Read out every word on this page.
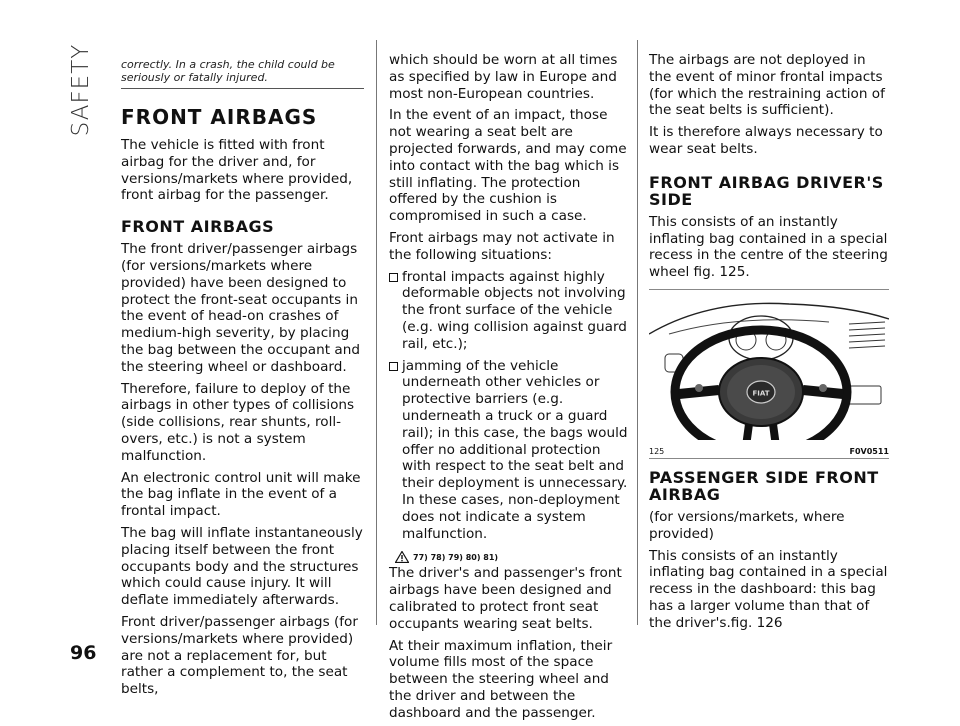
SAFETY correctly. In a crash, the child could be seriously or fatally injured.
FRONT AIRBAGS

The vehicle is fitted with front airbag for the driver and, for versions/markets where provided, front airbag for the passenger.

FRONT AIRBAGS

The front driver/passenger airbags (for versions/markets where provided) have been designed to protect the front-seat occupants in the event of head-on crashes of medium-high severity, by placing the bag between the occupant and the steering wheel or dashboard.

Therefore, failure to deploy of the airbags in other types of collisions (side collisions, rear shunts, roll-overs, etc.) is not a system malfunction.

An electronic control unit will make the bag inflate in the event of a frontal impact.

The bag will inflate instantaneously placing itself between the front occupants body and the structures which could cause injury. It will deflate immediately afterwards.

Front driver/passenger airbags (for versions/markets where provided) are not a replacement for, but rather a complement to, the seat belts,

which should be worn at all times as specified by law in Europe and most non-European countries.

In the event of an impact, those not wearing a seat belt are projected forwards, and may come into contact with the bag which is still inflating. The protection offered by the cushion is compromised in such a case.

Front airbags may not activate in the following situations:

frontal impacts against highly deformable objects not involving the front surface of the vehicle (e.g. wing collision against guard rail, etc.);

jamming of the vehicle underneath other vehicles or protective barriers (e.g. underneath a truck or a guard rail); in this case, the bags would offer no additional protection with respect to the seat belt and their deployment is unnecessary. In these cases, non-deployment does not indicate a system malfunction.

77) 78) 79) 80) 81)

The driver's and passenger's front airbags have been designed and calibrated to protect front seat occupants wearing seat belts.

At their maximum inflation, their volume fills most of the space between the steering wheel and the driver and between the dashboard and the passenger.

The airbags are not deployed in the event of minor frontal impacts (for which the restraining action of the seat belts is sufficient).

It is therefore always necessary to wear seat belts.

FRONT AIRBAG DRIVER'S SIDE

This consists of an instantly inflating bag contained in a special recess in the centre of the steering wheel fig. 125.

FIAT
125	F0V0511
PASSENGER SIDE FRONT AIRBAG

(for versions/markets, where provided)

This consists of an instantly inflating bag contained in a special recess in the dashboard: this bag has a larger volume than that of the driver's.fig. 126

96
